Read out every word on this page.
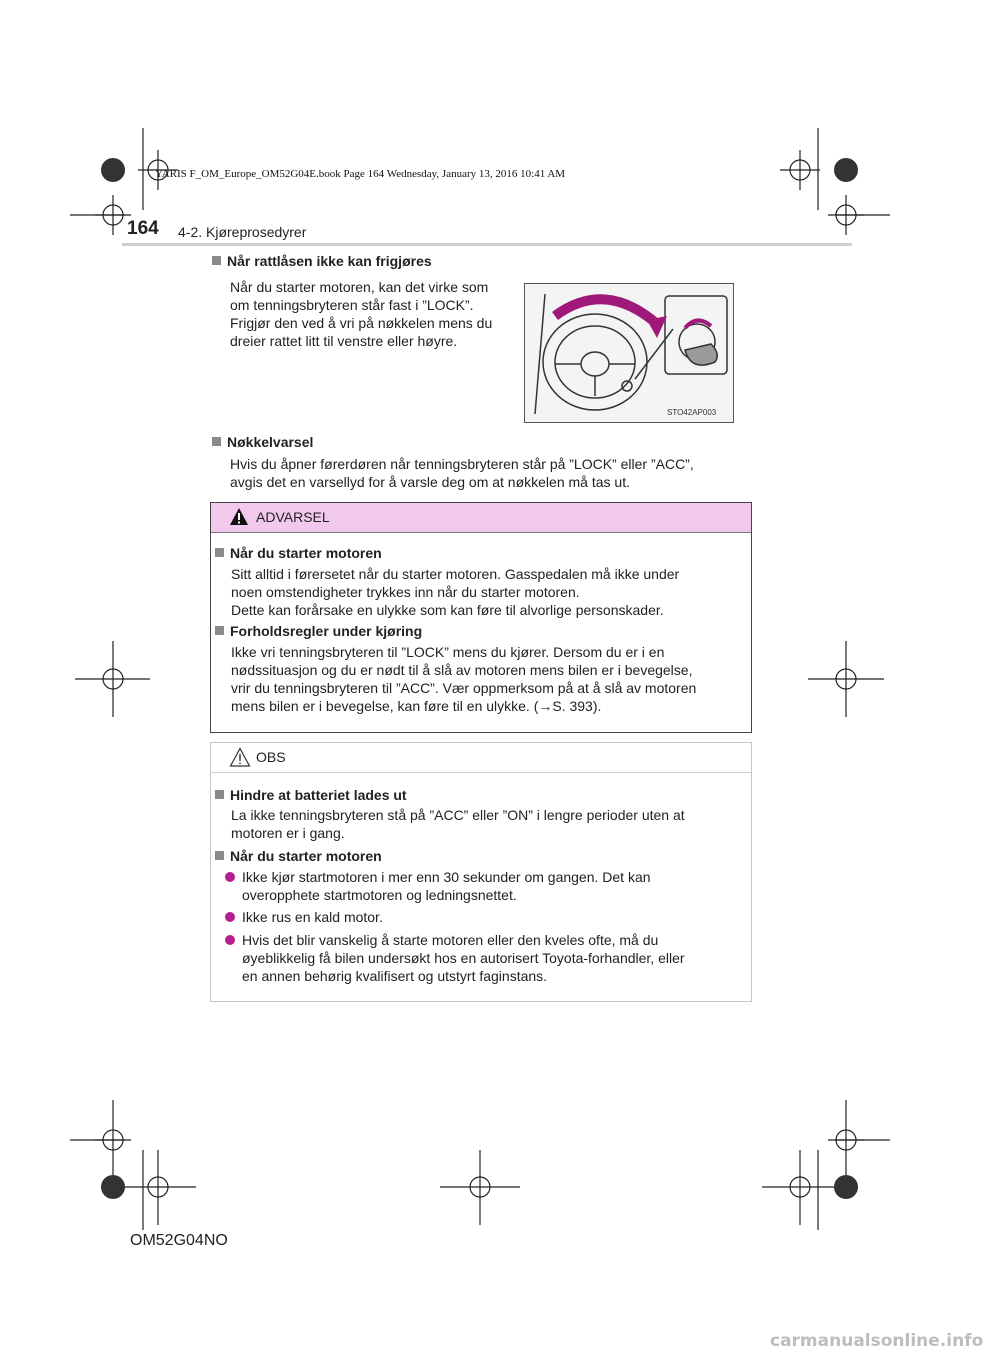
YARIS F_OM_Europe_OM52G04E.book Page 164 Wednesday, January 13, 2016 10:41 AM
164 4-2. Kjøreprosedyrer
Når rattlåsen ikke kan frigjøres
Når du starter motoren, kan det virke som
om tenningsbryteren står fast i ”LOCK”.
Frigjør den ved å vri på nøkkelen mens du
dreier rattet litt til venstre eller høyre.
STO42AP003
Nøkkelvarsel
Hvis du åpner førerdøren når tenningsbryteren står på ”LOCK” eller ”ACC”,
avgis det en varsellyd for å varsle deg om at nøkkelen må tas ut.
ADVARSEL
Når du starter motoren
Sitt alltid i førersetet når du starter motoren. Gasspedalen må ikke under
noen omstendigheter trykkes inn når du starter motoren.
Dette kan forårsake en ulykke som kan føre til alvorlige personskader.
Forholdsregler under kjøring
Ikke vri tenningsbryteren til ”LOCK” mens du kjører. Dersom du er i en
nødssituasjon og du er nødt til å slå av motoren mens bilen er i bevegelse,
vrir du tenningsbryteren til ”ACC”. Vær oppmerksom på at å slå av motoren
mens bilen er i bevegelse, kan føre til en ulykke. (→S. 393).
OBS
Hindre at batteriet lades ut
La ikke tenningsbryteren stå på ”ACC” eller ”ON” i lengre perioder uten at
motoren er i gang.
Når du starter motoren
Ikke kjør startmotoren i mer enn 30 sekunder om gangen. Det kan
overopphete startmotoren og ledningsnettet.
Ikke rus en kald motor.
Hvis det blir vanskelig å starte motoren eller den kveles ofte, må du
øyeblikkelig få bilen undersøkt hos en autorisert Toyota-forhandler, eller
en annen behørig kvalifisert og utstyrt faginstans.
OM52G04NO
carmanualsonline.info
